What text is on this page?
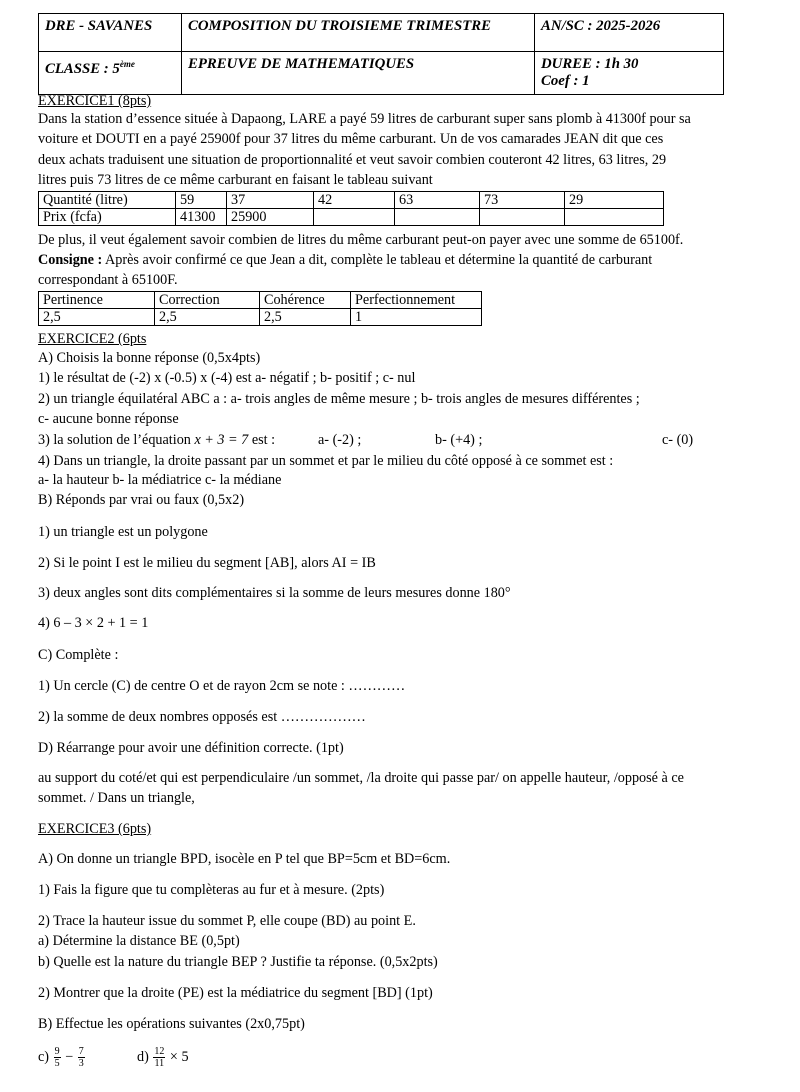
DRE - SAVANES	COMPOSITION DU TROISIEME TRIMESTRE	AN/SC : 2025-2026
CLASSE : 5ème	EPREUVE DE MATHEMATIQUES	DUREE : 1h 30
Coef : 1
EXERCICE1 (8pts)
Dans la station d’essence située à Dapaong, LARE a payé 59 litres de carburant super sans plomb à 41300f pour sa
voiture et DOUTI en a payé 25900f pour 37 litres du même carburant. Un de vos camarades JEAN dit que ces
deux achats traduisent une situation de proportionnalité et veut savoir combien couteront 42 litres, 63 litres, 29
litres puis 73 litres de ce même carburant en faisant le tableau suivant
Quantité (litre)	59	37	42	63	73	29
Prix (fcfa)	41300	25900				
De plus, il veut également savoir combien de litres du même carburant peut-on payer avec une somme de 65100f.
Consigne : Après avoir confirmé ce que Jean a dit, complète le tableau et détermine la quantité de carburant
correspondant à 65100F.
Pertinence	Correction	Cohérence	Perfectionnement
2,5	2,5	2,5	1
EXERCICE2 (6pts
A) Choisis la bonne réponse (0,5x4pts)
1) le résultat de (-2) x (-0.5) x (-4) est a- négatif ; b- positif ; c- nul
2) un triangle équilatéral ABC a : a- trois angles de même mesure ; b- trois angles de mesures différentes ;
c- aucune bonne réponse
3) la solution de l’équation x + 3 = 7 est :	a- (-2) ;	b- (+4) ;	c- (0)
4) Dans un triangle, la droite passant par un sommet et par le milieu du côté opposé à ce sommet est :
a- la hauteur b- la médiatrice c- la médiane
B) Réponds par vrai ou faux (0,5x2)
1) un triangle est un polygone
2) Si le point I est le milieu du segment [AB], alors AI = IB
3) deux angles sont dits complémentaires si la somme de leurs mesures donne 180°
4) 6 – 3 × 2 + 1 = 1
C) Complète :
1) Un cercle (C) de centre O et de rayon 2cm se note : …………
2) la somme de deux nombres opposés est ………………
D) Réarrange pour avoir une définition correcte. (1pt)
au support du coté/et qui est perpendiculaire /un sommet, /la droite qui passe par/ on appelle hauteur, /opposé à ce
sommet. / Dans un triangle,
EXERCICE3 (6pts)
A) On donne un triangle BPD, isocèle en P tel que BP=5cm et BD=6cm.
1) Fais la figure que tu complèteras au fur et à mesure. (2pts)
2) Trace la hauteur issue du sommet P, elle coupe (BD) au point E.
a) Détermine la distance BE (0,5pt)
b) Quelle est la nature du triangle BEP ? Justifie ta réponse. (0,5x2pts)
2) Montrer que la droite (PE) est la médiatrice du segment [BD] (1pt)
B) Effectue les opérations suivantes (2x0,75pt)
$c) \frac{9}{5} - \frac{7}{3}$	$d) \frac{12}{11} \times 5$
